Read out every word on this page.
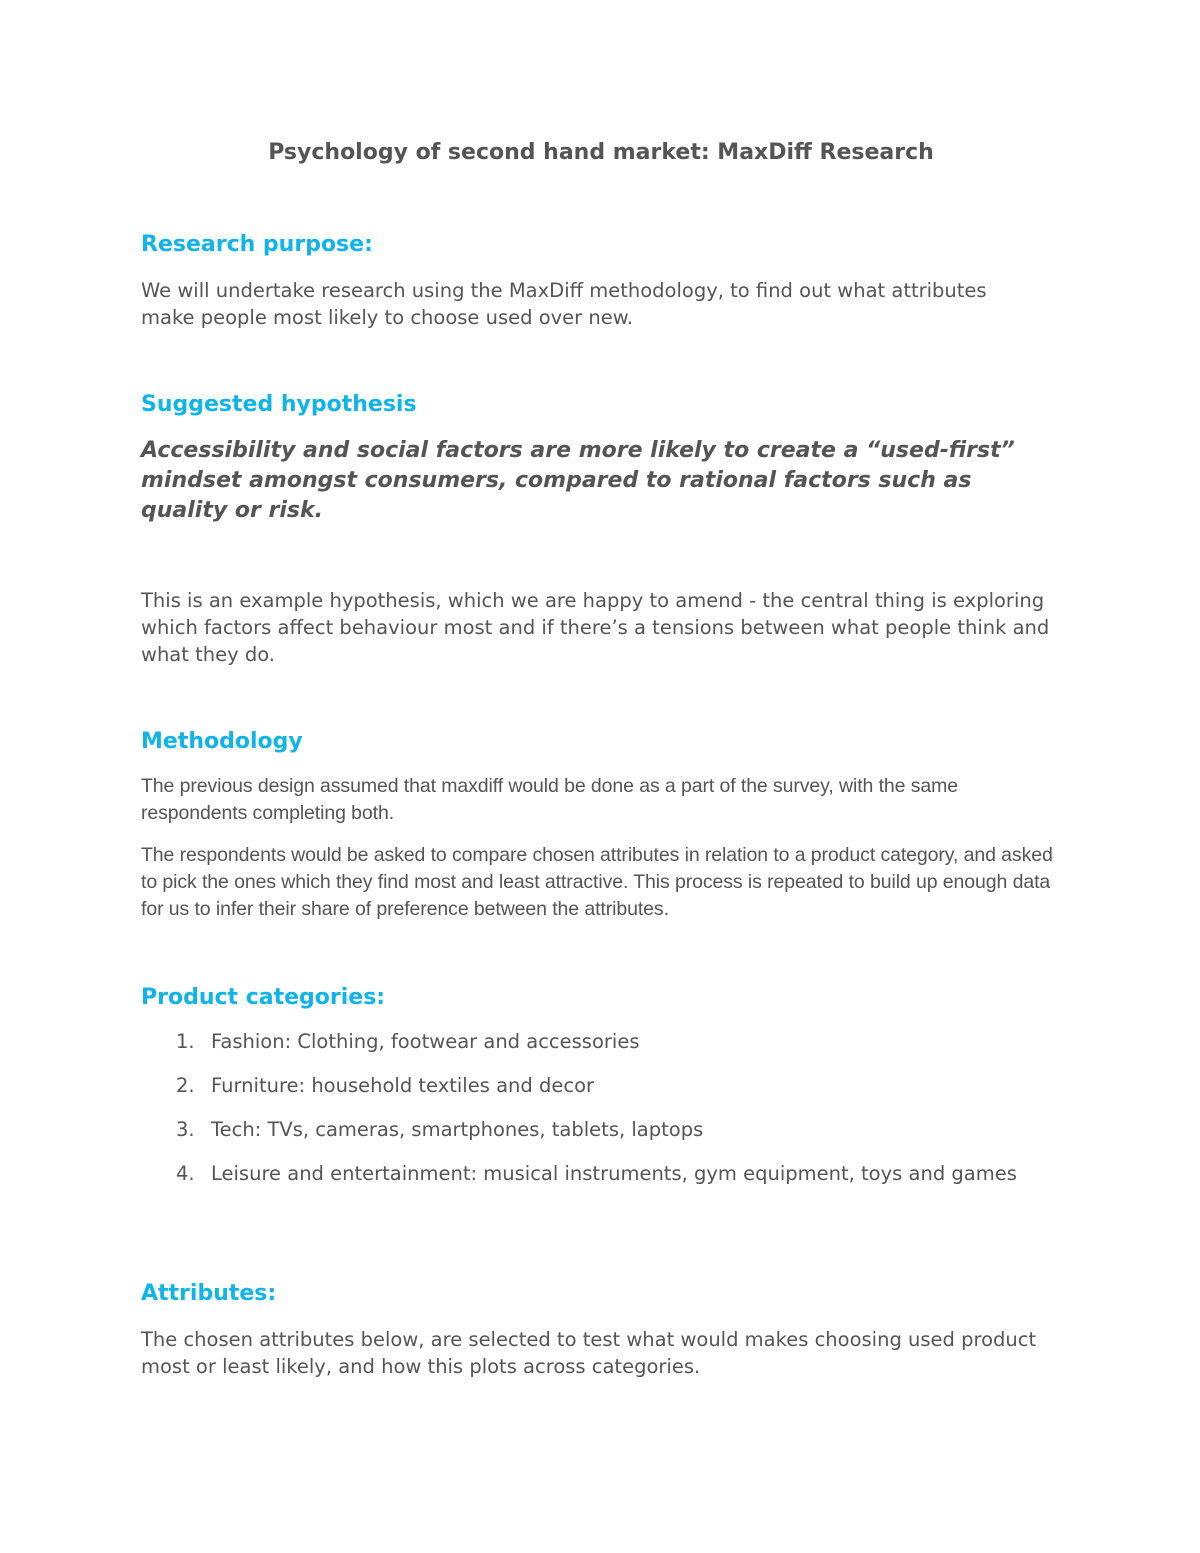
Psychology of second hand market: MaxDiff Research
Research purpose:

We will undertake research using the MaxDiff methodology, to find out what attributes make people most likely to choose used over new.

Suggested hypothesis

Accessibility and social factors are more likely to create a “used-first” mindset amongst consumers, compared to rational factors such as quality or risk.

This is an example hypothesis, which we are happy to amend - the central thing is exploring which factors affect behaviour most and if there’s a tensions between what people think and what they do.

Methodology

The previous design assumed that maxdiff would be done as a part of the survey, with the same respondents completing both.

The respondents would be asked to compare chosen attributes in relation to a product category, and asked to pick the ones which they find most and least attractive. This process is repeated to build up enough data for us to infer their share of preference between the attributes.

Product categories:
1. Fashion: Clothing, footwear and accessories
2. Furniture: household textiles and decor
3. Tech: TVs, cameras, smartphones, tablets, laptops
4. Leisure and entertainment: musical instruments, gym equipment, toys and games
Attributes:

The chosen attributes below, are selected to test what would makes choosing used product most or least likely, and how this plots across categories.
